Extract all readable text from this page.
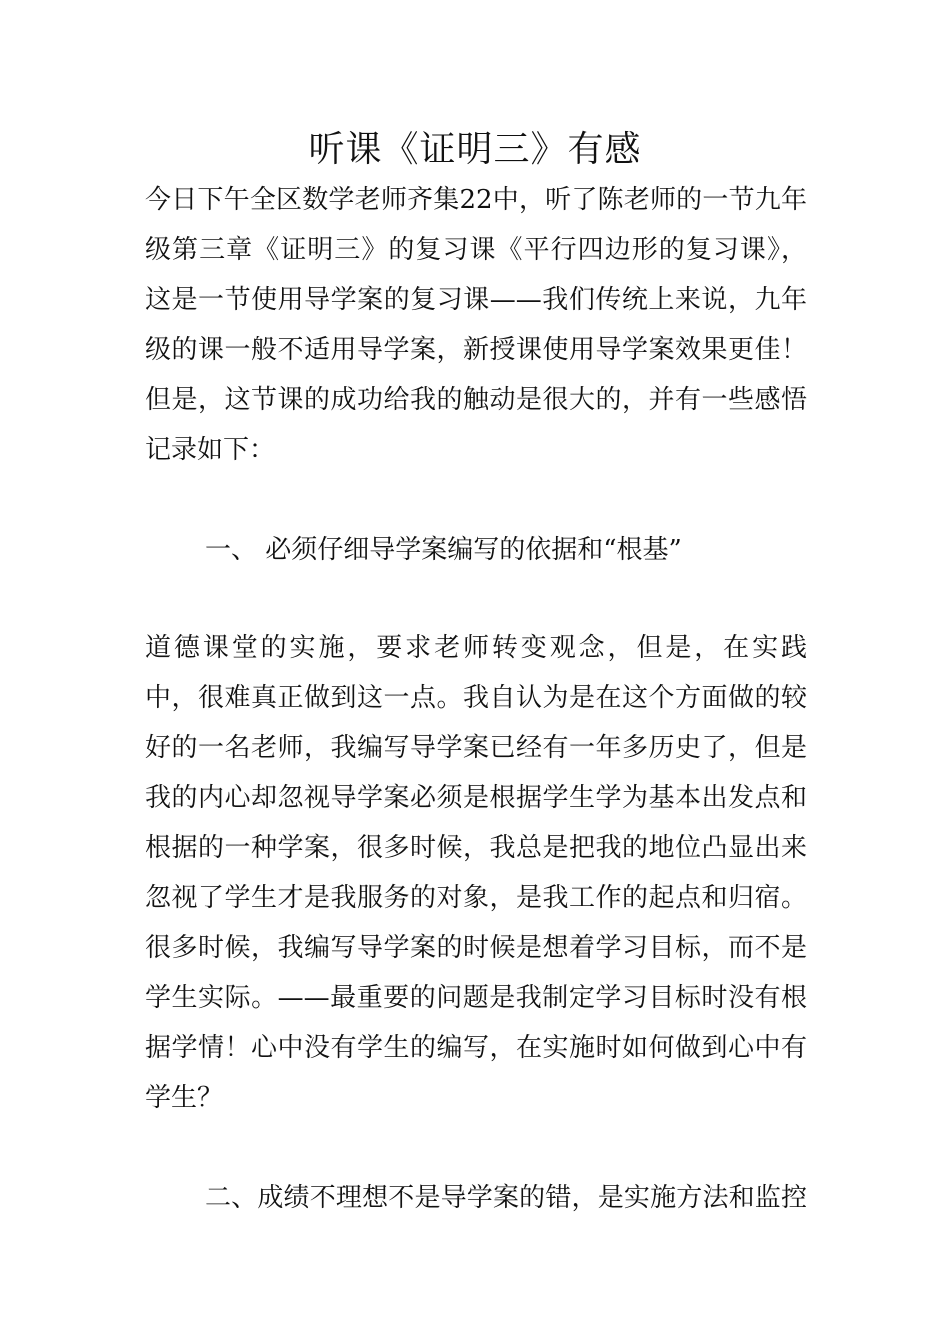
听课《证明三》有感

今日下午全区数学老师齐集22中，听了陈老师的一节九年

级第三章《证明三》的复习课《平行四边形的复习课》，

这是一节使用导学案的复习课——我们传统上来说，九年

级的课一般不适用导学案，新授课使用导学案效果更佳！

但是，这节课的成功给我的触动是很大的，并有一些感悟

记录如下：

一、 必须仔细导学案编写的依据和“根基”

道德课堂的实施，要求老师转变观念，但是，在实践

中，很难真正做到这一点。我自认为是在这个方面做的较

好的一名老师，我编写导学案已经有一年多历史了，但是

我的内心却忽视导学案必须是根据学生学为基本出发点和

根据的一种学案，很多时候，我总是把我的地位凸显出来

忽视了学生才是我服务的对象，是我工作的起点和归宿。

很多时候，我编写导学案的时候是想着学习目标，而不是

学生实际。——最重要的问题是我制定学习目标时没有根

据学情！心中没有学生的编写，在实施时如何做到心中有

学生？

二、成绩不理想不是导学案的错，是实施方法和监控
